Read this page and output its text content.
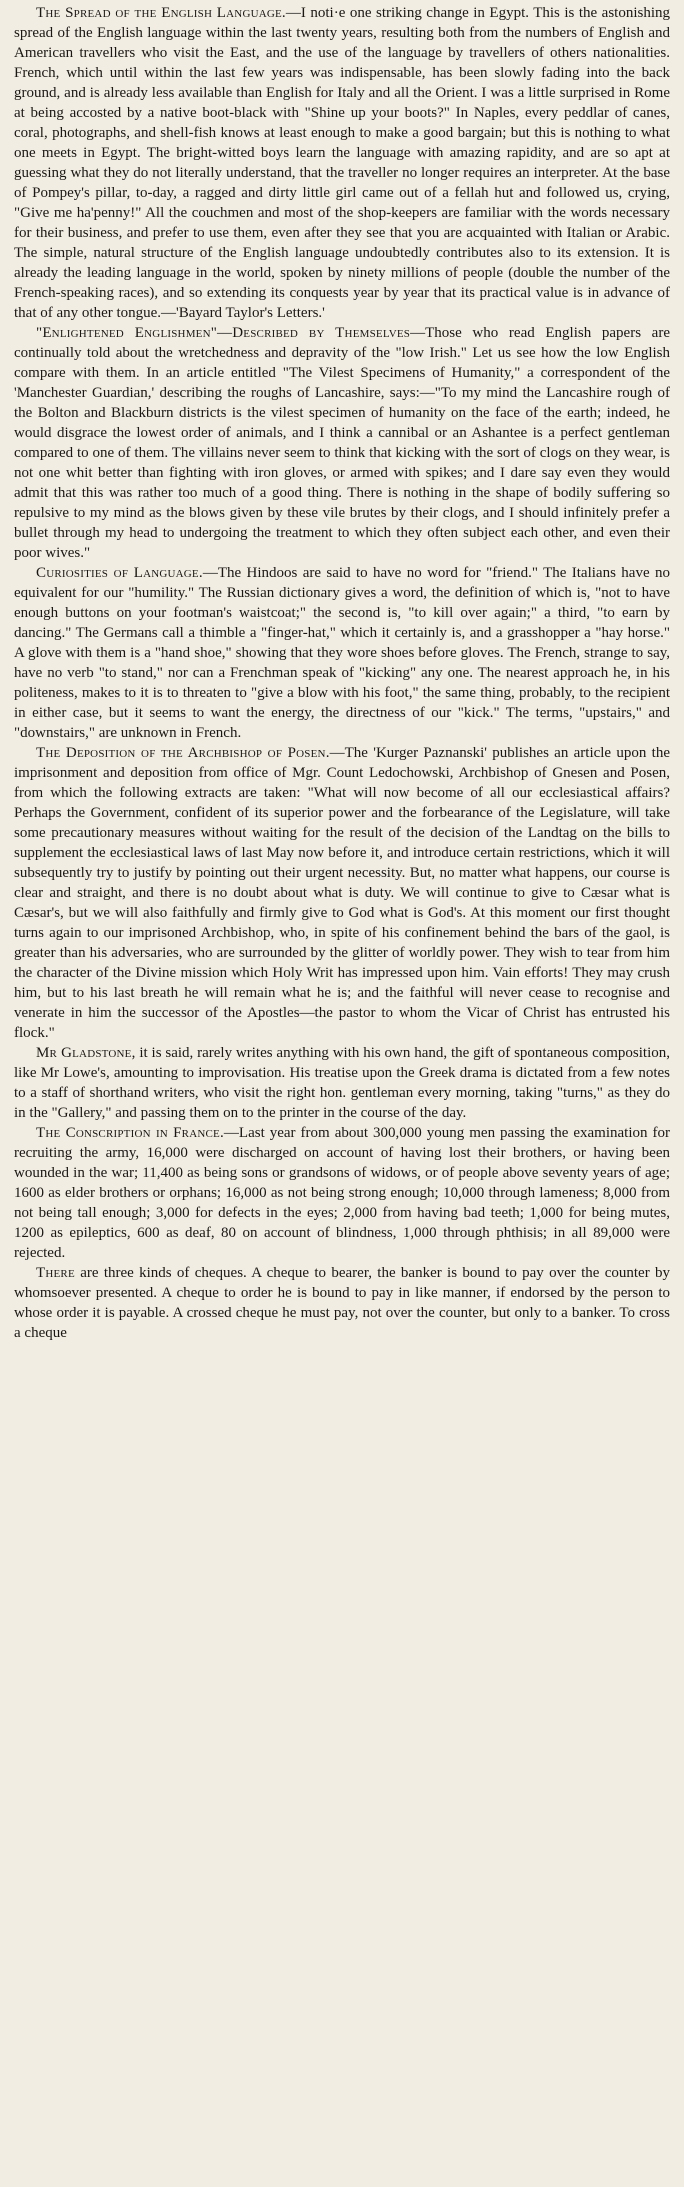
The Spread of the English Language.—I noti·e one striking change in Egypt. This is the astonishing spread of the English language within the last twenty years, resulting both from the numbers of English and American travellers who visit the East, and the use of the language by travellers of others nationalities. French, which until within the last few years was indispensable, has been slowly fading into the back ground, and is already less available than English for Italy and all the Orient. I was a little surprised in Rome at being accosted by a native boot-black with "Shine up your boots?" In Naples, every peddlar of canes, coral, photographs, and shell-fish knows at least enough to make a good bargain; but this is nothing to what one meets in Egypt. The bright-witted boys learn the language with amazing rapidity, and are so apt at guessing what they do not literally understand, that the traveller no longer requires an interpreter. At the base of Pompey's pillar, to-day, a ragged and dirty little girl came out of a fellah hut and followed us, crying, "Give me ha'penny!" All the couchmen and most of the shop-keepers are familiar with the words necessary for their business, and prefer to use them, even after they see that you are acquainted with Italian or Arabic. The simple, natural structure of the English language undoubtedly contributes also to its extension. It is already the leading language in the world, spoken by ninety millions of people (double the number of the French-speaking races), and so extending its conquests year by year that its practical value is in advance of that of any other tongue.—'Bayard Taylor's Letters.'

"Enlightened Englishmen"—Described by Themselves—Those who read English papers are continually told about the wretchedness and depravity of the "low Irish." Let us see how the low English compare with them. In an article entitled "The Vilest Specimens of Humanity," a correspondent of the 'Manchester Guardian,' describing the roughs of Lancashire, says:—"To my mind the Lancashire rough of the Bolton and Blackburn districts is the vilest specimen of humanity on the face of the earth; indeed, he would disgrace the lowest order of animals, and I think a cannibal or an Ashantee is a perfect gentleman compared to one of them. The villains never seem to think that kicking with the sort of clogs on they wear, is not one whit better than fighting with iron gloves, or armed with spikes; and I dare say even they would admit that this was rather too much of a good thing. There is nothing in the shape of bodily suffering so repulsive to my mind as the blows given by these vile brutes by their clogs, and I should infinitely prefer a bullet through my head to undergoing the treatment to which they often subject each other, and even their poor wives."

Curiosities of Language.—The Hindoos are said to have no word for "friend." The Italians have no equivalent for our "humility." The Russian dictionary gives a word, the definition of which is, "not to have enough buttons on your footman's waistcoat;" the second is, "to kill over again;" a third, "to earn by dancing." The Germans call a thimble a "finger-hat," which it certainly is, and a grasshopper a "hay horse." A glove with them is a "hand shoe," showing that they wore shoes before gloves. The French, strange to say, have no verb "to stand," nor can a Frenchman speak of "kicking" any one. The nearest approach he, in his politeness, makes to it is to threaten to "give a blow with his foot," the same thing, probably, to the recipient in either case, but it seems to want the energy, the directness of our "kick." The terms, "upstairs," and "downstairs," are unknown in French.

The Deposition of the Archbishop of Posen.—The 'Kurger Paznanski' publishes an article upon the imprisonment and deposition from office of Mgr. Count Ledochowski, Archbishop of Gnesen and Posen, from which the following extracts are taken: "What will now become of all our ecclesiastical affairs? Perhaps the Government, confident of its superior power and the forbearance of the Legislature, will take some precautionary measures without waiting for the result of the decision of the Landtag on the bills to supplement the ecclesiastical laws of last May now before it, and introduce certain restrictions, which it will subsequently try to justify by pointing out their urgent necessity. But, no matter what happens, our course is clear and straight, and there is no doubt about what is duty. We will continue to give to Cæsar what is Cæsar's, but we will also faithfully and firmly give to God what is God's. At this moment our first thought turns again to our imprisoned Archbishop, who, in spite of his confinement behind the bars of the gaol, is greater than his adversaries, who are surrounded by the glitter of worldly power. They wish to tear from him the character of the Divine mission which Holy Writ has impressed upon him. Vain efforts! They may crush him, but to his last breath he will remain what he is; and the faithful will never cease to recognise and venerate in him the successor of the Apostles—the pastor to whom the Vicar of Christ has entrusted his flock."

Mr Gladstone, it is said, rarely writes anything with his own hand, the gift of spontaneous composition, like Mr Lowe's, amounting to improvisation. His treatise upon the Greek drama is dictated from a few notes to a staff of shorthand writers, who visit the right hon. gentleman every morning, taking "turns," as they do in the "Gallery," and passing them on to the printer in the course of the day.

The Conscription in France.—Last year from about 300,000 young men passing the examination for recruiting the army, 16,000 were discharged on account of having lost their brothers, or having been wounded in the war; 11,400 as being sons or grandsons of widows, or of people above seventy years of age; 1600 as elder brothers or orphans; 16,000 as not being strong enough; 10,000 through lameness; 8,000 from not being tall enough; 3,000 for defects in the eyes; 2,000 from having bad teeth; 1,000 for being mutes, 1200 as epileptics, 600 as deaf, 80 on account of blindness, 1,000 through phthisis; in all 89,000 were rejected.

There are three kinds of cheques. A cheque to bearer, the banker is bound to pay over the counter by whomsoever presented. A cheque to order he is bound to pay in like manner, if endorsed by the person to whose order it is payable. A crossed cheque he must pay, not over the counter, but only to a banker. To cross a cheque
